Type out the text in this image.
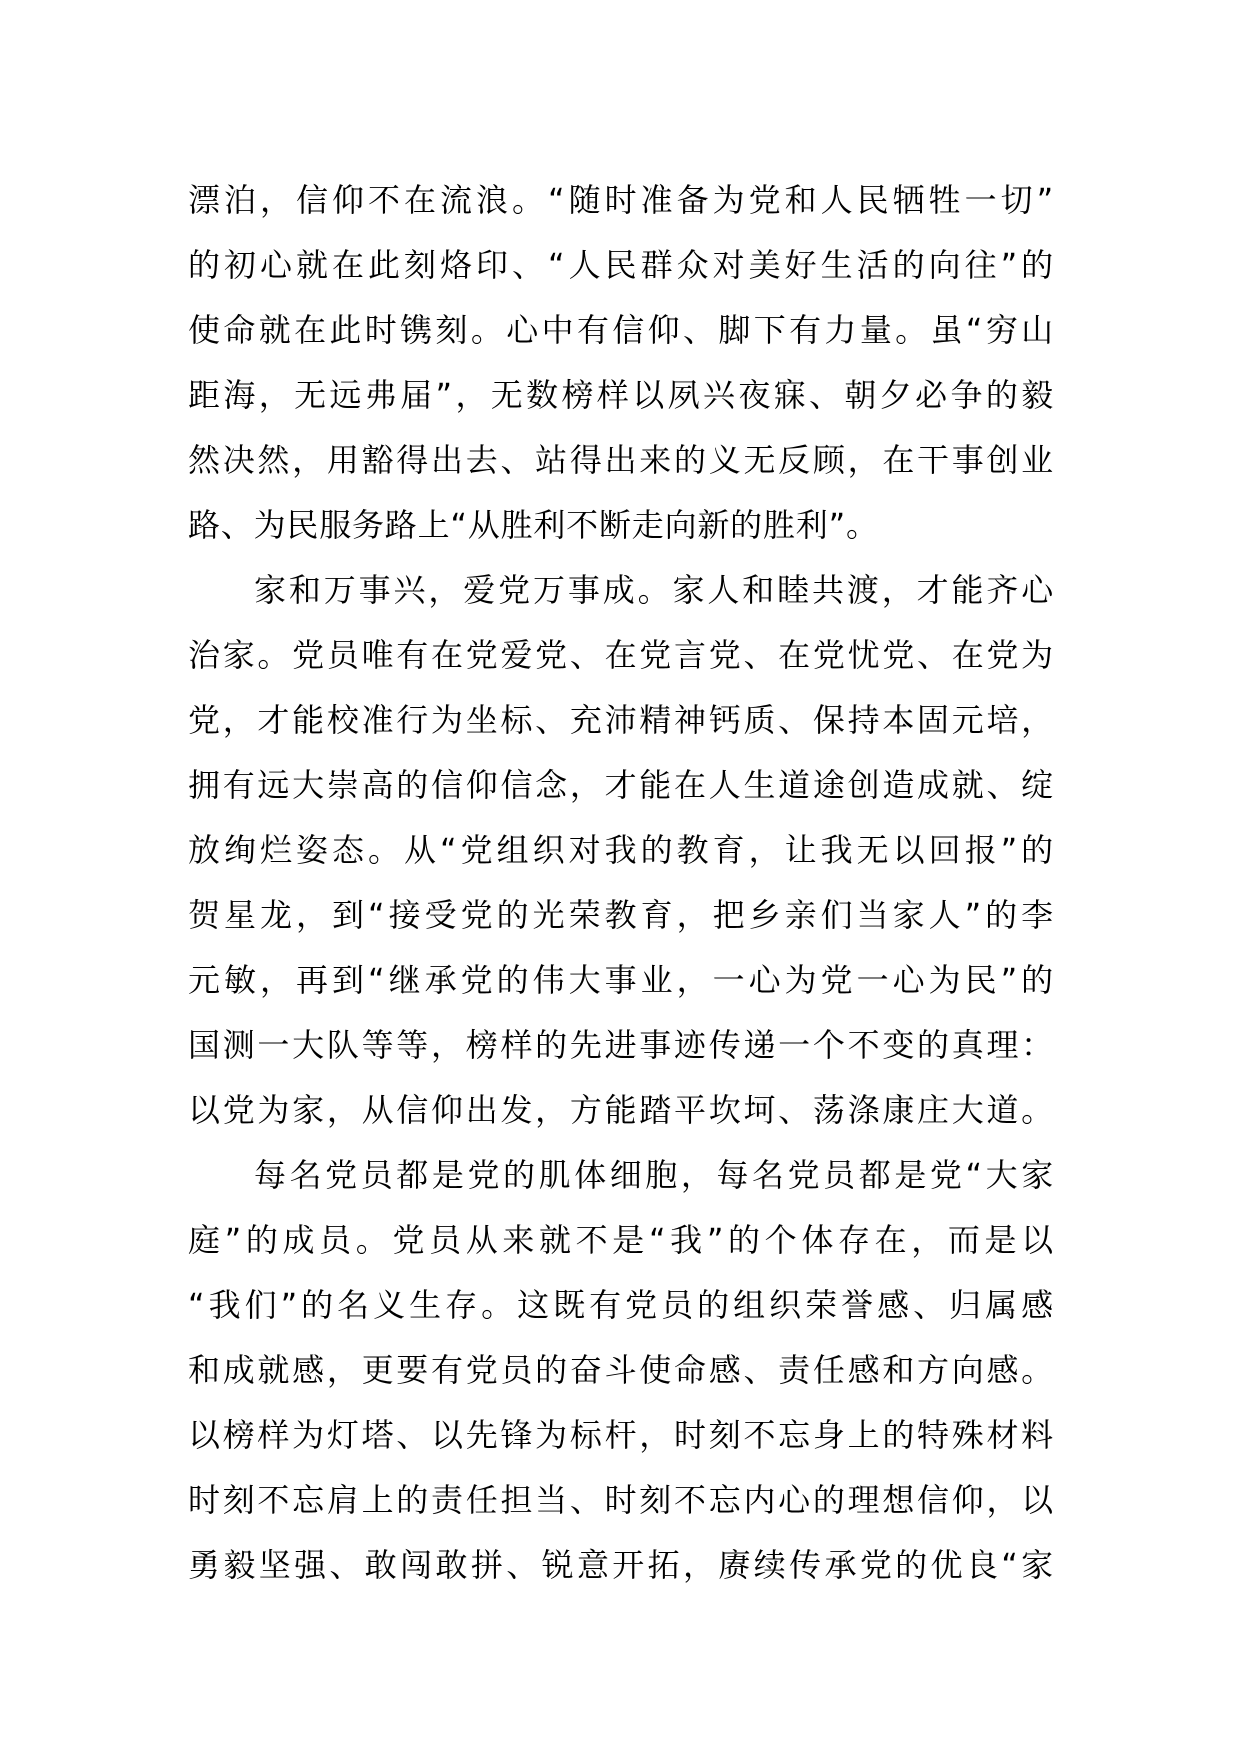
漂泊，信仰不在流浪。“随时准备为党和人民牺牲一切”
的初心就在此刻烙印、“人民群众对美好生活的向往”的
使命就在此时镌刻。心中有信仰、脚下有力量。虽“穷山
距海，无远弗届”，无数榜样以夙兴夜寐、朝夕必争的毅
然决然，用豁得出去、站得出来的义无反顾，在干事创业
路、为民服务路上“从胜利不断走向新的胜利”。
家和万事兴，爱党万事成。家人和睦共渡，才能齐心
治家。党员唯有在党爱党、在党言党、在党忧党、在党为
党，才能校准行为坐标、充沛精神钙质、保持本固元培，
拥有远大崇高的信仰信念，才能在人生道途创造成就、绽
放绚烂姿态。从“党组织对我的教育，让我无以回报”的
贺星龙，到“接受党的光荣教育，把乡亲们当家人”的李
元敏，再到“继承党的伟大事业，一心为党一心为民”的
国测一大队等等，榜样的先进事迹传递一个不变的真理：
以党为家，从信仰出发，方能踏平坎坷、荡涤康庄大道。
每名党员都是党的肌体细胞，每名党员都是党“大家
庭”的成员。党员从来就不是“我”的个体存在，而是以
“我们”的名义生存。这既有党员的组织荣誉感、归属感
和成就感，更要有党员的奋斗使命感、责任感和方向感。
以榜样为灯塔、以先锋为标杆，时刻不忘身上的特殊材料
时刻不忘肩上的责任担当、时刻不忘内心的理想信仰，以
勇毅坚强、敢闯敢拼、锐意开拓，赓续传承党的优良“家
